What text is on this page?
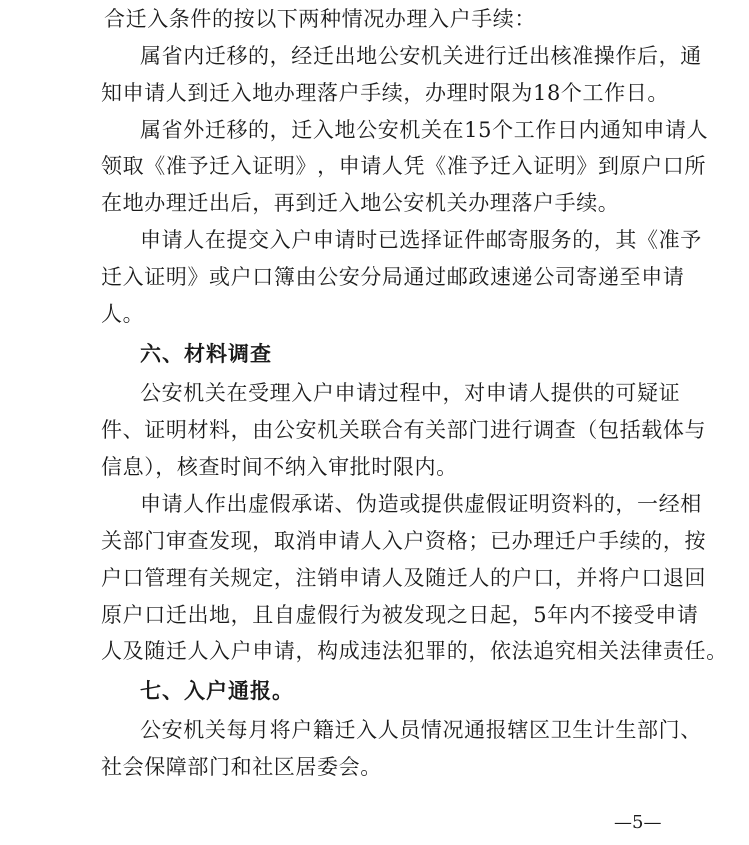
合迁入条件的按以下两种情况办理入户手续：
属 省 内 迁 移 的 ， 经 迁 出 地 公 安 机 关 进 行 迁 出 核 准 操 作 后 ， 通
知申请人到迁入地办理落户手续，办理时限为18个工作日。
属 省 外 迁 移 的 ， 迁 入 地 公 安 机 关 在 1 5 个 工 作 日 内 通 知 申 请 人
领 取 《 准 予 迁 入 证 明 》 ， 申 请 人 凭 《 准 予 迁 入 证 明 》 到 原 户 口 所
在地办理迁出后，再到迁入地公安机关办理落户手续。
申 请 人 在 提 交 入 户 申 请 时 已 选 择 证 件 邮 寄 服 务 的 ， 其 《 准 予
迁 入 证 明 》 或 户 口 簿 由 公 安 分 局 通 过 邮 政 速 递 公 司 寄 递 至 申 请
人。
六、材料调查
公 安 机 关 在 受 理 入 户 申 请 过 程 中 ， 对 申 请 人 提 供 的 可 疑 证
件 、 证 明 材 料 ， 由 公 安 机 关 联 合 有 关 部 门 进 行 调 查 （ 包 括 载 体 与
信息），核查时间不纳入审批时限内。
申 请 人 作 出 虚 假 承 诺 、 伪 造 或 提 供 虚 假 证 明 资 料 的 ， 一 经 相
关 部 门 审 查 发 现 ， 取 消 申 请 人 入 户 资 格 ； 已 办 理 迁 户 手 续 的 ， 按
户 口 管 理 有 关 规 定 ， 注 销 申 请 人 及 随 迁 人 的 户 口 ， 并 将 户 口 退 回
原 户 口 迁 出 地 ， 且 自 虚 假 行 为 被 发 现 之 日 起 ， 5 年 内 不 接 受 申 请
人 及 随 迁 人 入 户 申 请 ， 构 成 违 法 犯 罪 的 ， 依 法 追 究 相 关 法 律 责 任 。
七、入户通报。
公 安 机 关 每 月 将 户 籍 迁 入 人 员 情 况 通 报 辖 区 卫 生 计 生 部 门 、
社会保障部门和社区居委会。
—5—
